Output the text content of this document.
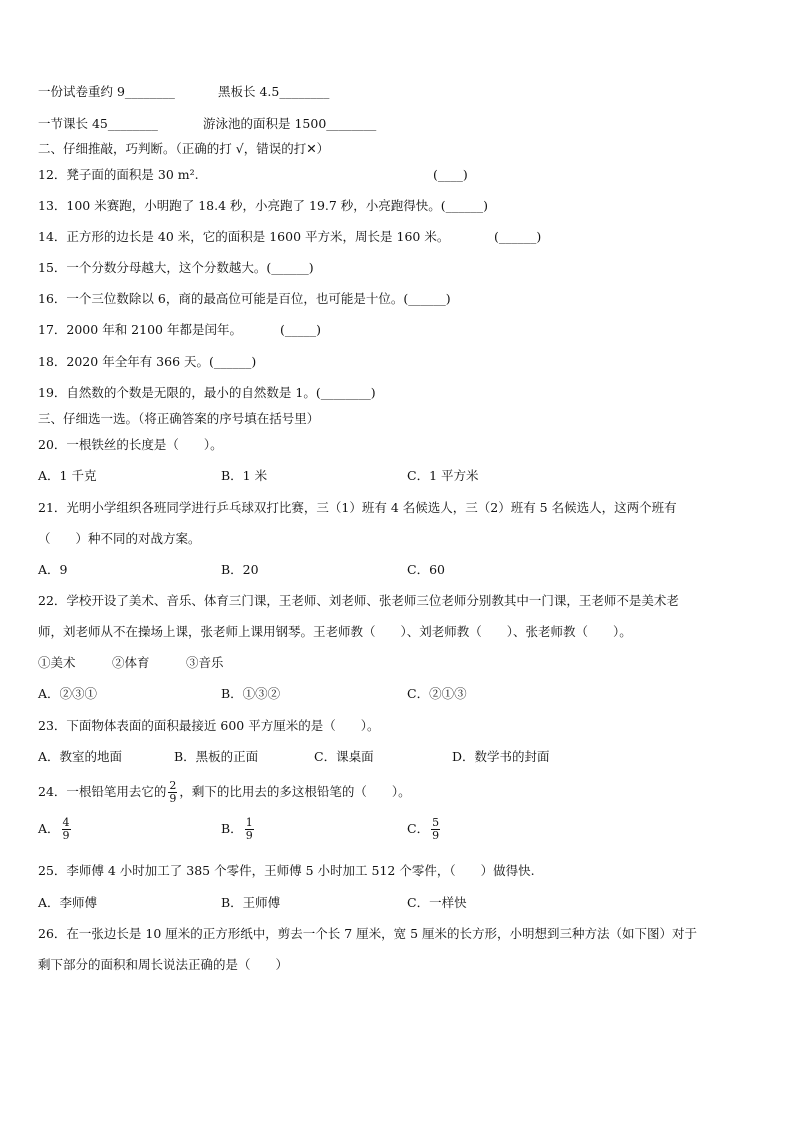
一份试卷重约 9________	黑板长 4.5________
一节课长 45________	游泳池的面积是 1500________
二、仔细推敲，巧判断。（正确的打 √，错误的打✕）
12．凳子面的面积是 30 m².	(____)
13．100 米赛跑，小明跑了 18.4 秒，小亮跑了 19.7 秒，小亮跑得快。(______)
14．正方形的边长是 40 米，它的面积是 1600 平方米，周长是 160 米。	(______)
15．一个分数分母越大，这个分数越大。(______)
16．一个三位数除以 6，商的最高位可能是百位，也可能是十位。(______)
17．2000 年和 2100 年都是闰年。	(_____)
18．2020 年全年有 366 天。(______)
19．自然数的个数是无限的，最小的自然数是 1。(________)
三、仔细选一选。（将正确答案的序号填在括号里）
20．一根铁丝的长度是（　　）。
A．1 千克	B．1 米	C．1 平方米
21．光明小学组织各班同学进行乒乓球双打比赛，三（1）班有 4 名候选人，三（2）班有 5 名候选人，这两个班有
（　　）种不同的对战方案。
A．9	B．20	C．60
22．学校开设了美术、音乐、体育三门课，王老师、刘老师、张老师三位老师分别教其中一门课，王老师不是美术老
师，刘老师从不在操场上课，张老师上课用钢琴。王老师教（　　）、刘老师教（　　）、张老师教（　　）。
①美术	②体育	③音乐
A．②③①	B．①③②	C．②①③
23．下面物体表面的面积最接近 600 平方厘米的是（　　）。
A．教室的地面	B．黑板的正面	C．课桌面	D．数学书的封面
24．一根铅笔用去它的 $\frac{2}{9}$ ，剩下的比用去的多这根铅笔的（　　）。
A． $\frac{4}{9}$	B． $\frac{1}{9}$	C． $\frac{5}{9}$
25．李师傅 4 小时加工了 385 个零件，王师傅 5 小时加工 512 个零件，（　　）做得快.
A．李师傅	B．王师傅	C．一样快
26．在一张边长是 10 厘米的正方形纸中，剪去一个长 7 厘米，宽 5 厘米的长方形，小明想到三种方法（如下图）对于
剩下部分的面积和周长说法正确的是（　　）
